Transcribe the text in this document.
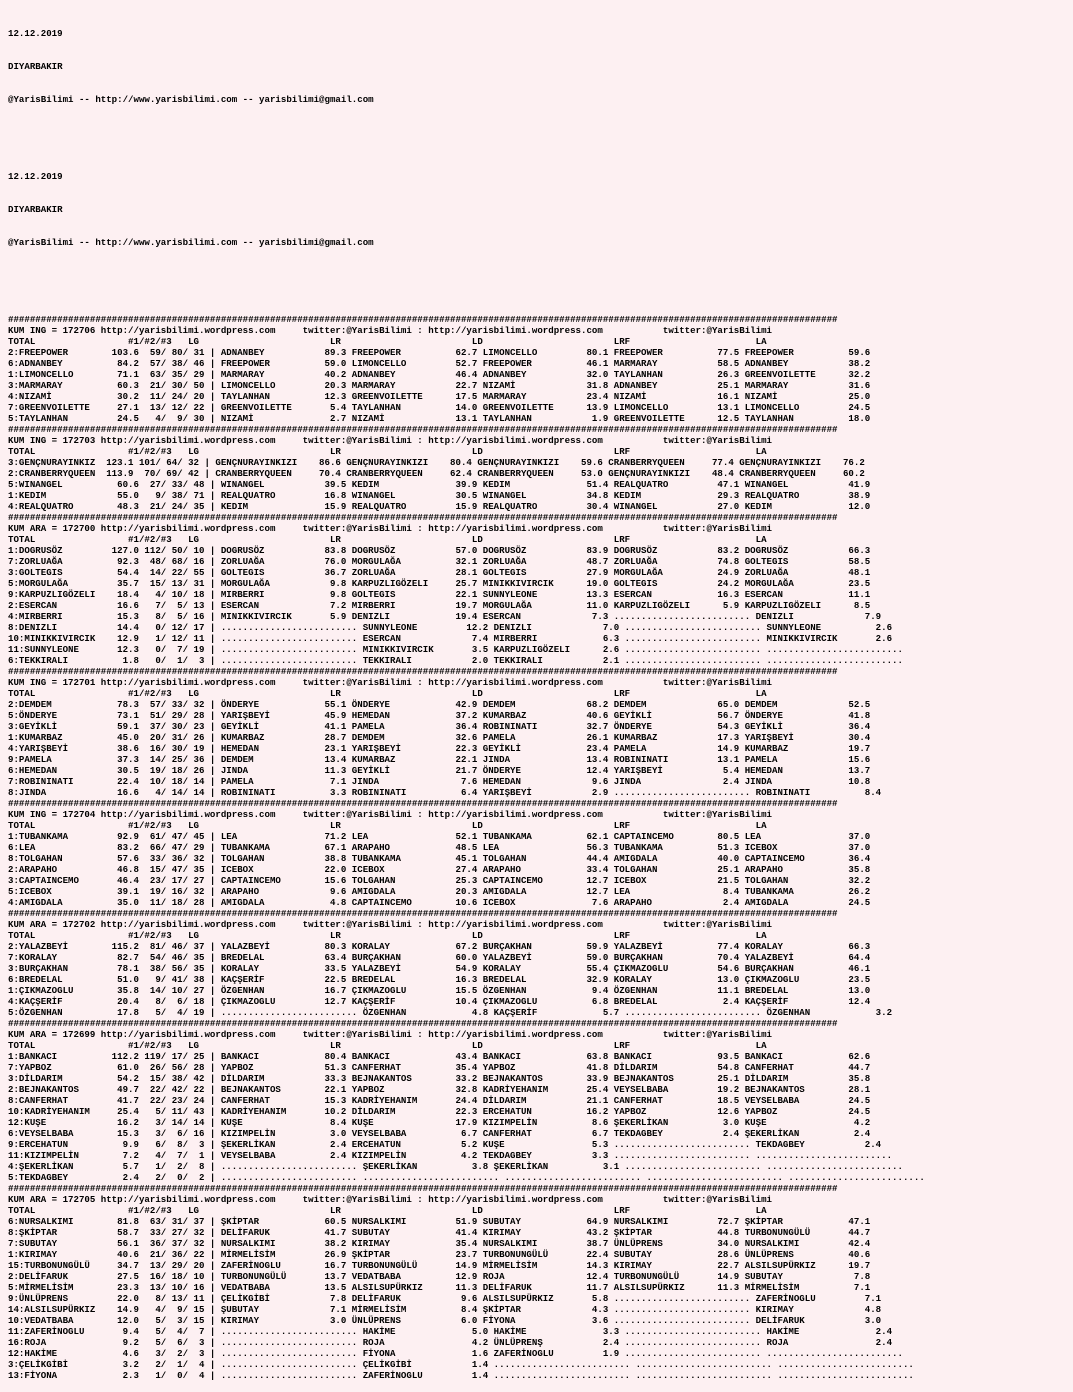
12.12.2019

DIYARBAKIR

@YarisBilimi -- http://www.yarisbilimi.com -- yarisbilimi@gmail.com

12.12.2019

DIYARBAKIR

@YarisBilimi -- http://www.yarisbilimi.com -- yarisbilimi@gmail.com

########################################################################################################################################################
KUM ING = 172706 http://yarisbilimi.wordpress.com     twitter:@YarisBilimi : http://yarisbilimi.wordpress.com           twitter:@YarisBilimi
TOTAL                 #1/#2/#3   LG                        LR                        LD                        LRF                       LA
2:FREEPOWER        103.6  59/ 80/ 31 | ADNANBEY           89.3 FREEPOWER          62.7 LIMONCELLO         80.1 FREEPOWER          77.5 FREEPOWER          59.6
6:ADNANBEY          84.2  57/ 38/ 46 | FREEPOWER          59.0 LIMONCELLO         52.7 FREEPOWER          46.1 MARMARAY           58.5 ADNANBEY           38.2
1:LIMONCELLO        71.1  63/ 35/ 29 | MARMARAY           40.2 ADNANBEY           46.4 ADNANBEY           32.0 TAYLANHAN          26.3 GREENVOILETTE      32.2
3:MARMARAY          60.3  21/ 30/ 50 | LIMONCELLO         20.3 MARMARAY           22.7 NIZAMİ             31.8 ADNANBEY           25.1 MARMARAY           31.6
4:NIZAMİ            30.2  11/ 24/ 20 | TAYLANHAN          12.3 GREENVOILETTE      17.5 MARMARAY           23.4 NIZAMİ             16.1 NIZAMİ             25.0
7:GREENVOILETTE     27.1  13/ 12/ 22 | GREENVOILETTE       5.4 TAYLANHAN          14.0 GREENVOILETTE      13.9 LIMONCELLO         13.1 LIMONCELLO         24.5
5:TAYLANHAN         24.5   4/  9/ 30 | NIZAMİ              2.7 NIZAMİ             13.1 TAYLANHAN           1.9 GREENVOILETTE      12.5 TAYLANHAN          18.0
########################################################################################################################################################
KUM ING = 172703 http://yarisbilimi.wordpress.com     twitter:@YarisBilimi : http://yarisbilimi.wordpress.com           twitter:@YarisBilimi
TOTAL                 #1/#2/#3   LG                        LR                        LD                        LRF                       LA
3:GENÇNURAYINKIZ  123.1 101/ 64/ 32 | GENÇNURAYINKIZI    86.6 GENÇNURAYINKIZI    80.4 GENÇNURAYINKIZI    59.6 CRANBERRYQUEEN     77.4 GENÇNURAYINKIZI    76.2
2:CRANBERRYQUEEN  113.9  70/ 69/ 42 | CRANBERRYQUEEN     70.4 CRANBERRYQUEEN     62.4 CRANBERRYQUEEN     53.0 GENÇNURAYINKIZI    48.4 CRANBERRYQUEEN     60.2
5:WINANGEL          60.6  27/ 33/ 48 | WINANGEL           39.5 KEDIM              39.9 KEDIM              51.4 REALQUATRO         47.1 WINANGEL           41.9
1:KEDIM             55.0   9/ 38/ 71 | REALQUATRO         16.8 WINANGEL           30.5 WINANGEL           34.8 KEDIM              29.3 REALQUATRO         38.9
4:REALQUATRO        48.3  21/ 24/ 35 | KEDIM              15.9 REALQUATRO         15.9 REALQUATRO         30.4 WINANGEL           27.0 KEDIM              12.0
########################################################################################################################################################
KUM ARA = 172700 http://yarisbilimi.wordpress.com     twitter:@YarisBilimi : http://yarisbilimi.wordpress.com           twitter:@YarisBilimi
TOTAL                 #1/#2/#3   LG                        LR                        LD                        LRF                       LA
1:DOGRUSÖZ         127.0 112/ 50/ 10 | DOGRUSÖZ           83.8 DOGRUSÖZ           57.0 DOGRUSÖZ           83.9 DOGRUSÖZ           83.2 DOGRUSÖZ           66.3
7:ZORLUAĞA          92.3  48/ 68/ 16 | ZORLUAĞA           76.0 MORGULAĞA          32.1 ZORLUAĞA           48.7 ZORLUAĞA           74.8 GOLTEGIS           58.5
3:GOLTEGIS          54.4  14/ 22/ 55 | GOLTEGIS           36.7 ZORLUAĞA           28.1 GOLTEGIS           27.9 MORGULAĞA          24.9 ZORLUAĞA           48.1
5:MORGULAĞA         35.7  15/ 13/ 31 | MORGULAĞA           9.8 KARPUZLIGÖZELI     25.7 MINIKKIVIRCIK      19.0 GOLTEGIS           24.2 MORGULAĞA          23.5
9:KARPUZLIGÖZELI    18.4   4/ 10/ 18 | MIRBERRI            9.8 GOLTEGIS           22.1 SUNNYLEONE         13.3 ESERCAN            16.3 ESERCAN            11.1
2:ESERCAN           16.6   7/  5/ 13 | ESERCAN             7.2 MIRBERRI           19.7 MORGULAĞA          11.0 KARPUZLIGÖZELI      5.9 KARPUZLIGÖZELI      8.5
4:MIRBERRI          15.3   8/  5/ 16 | MINIKKIVIRCIK       5.9 DENIZLI            19.4 ESERCAN             7.3 ......................... DENIZLI             7.9
8:DENIZLI           14.4   0/ 12/ 17 | ......................... SUNNYLEONE         12.2 DENIZLI             7.0 ......................... SUNNYLEONE          2.6
10:MINIKKIVIRCIK    12.9   1/ 12/ 11 | ......................... ESERCAN             7.4 MIRBERRI            6.3 ......................... MINIKKIVIRCIK       2.6
11:SUNNYLEONE       12.3   0/  7/ 19 | ......................... MINIKKIVIRCIK       3.5 KARPUZLIGÖZELI      2.6 ......................... .........................
6:TEKKIRALI          1.8   0/  1/  3 | ......................... TEKKIRALI           2.0 TEKKIRALI           2.1 ......................... .........................
########################################################################################################################################################
KUM ING = 172701 http://yarisbilimi.wordpress.com     twitter:@YarisBilimi : http://yarisbilimi.wordpress.com           twitter:@YarisBilimi
TOTAL                 #1/#2/#3   LG                        LR                        LD                        LRF                       LA
2:DEMDEM            78.3  57/ 33/ 32 | ÖNDERYE            55.1 ÖNDERYE            42.9 DEMDEM             68.2 DEMDEM             65.0 DEMDEM             52.5
5:ÖNDERYE           73.1  51/ 29/ 28 | YARIŞBEYİ          45.9 HEMEDAN            37.2 KUMARBAZ           40.6 GEYİKLİ            56.7 ÖNDERYE            41.8
3:GEYİKLİ           59.1  37/ 30/ 23 | GEYİKLİ            41.1 PAMELA             36.4 ROBININATI         32.7 ÖNDERYE            54.3 GEYİKLİ            36.4
1:KUMARBAZ          45.0  20/ 31/ 26 | KUMARBAZ           28.7 DEMDEM             32.6 PAMELA             26.1 KUMARBAZ           17.3 YARIŞBEYİ          30.4
4:YARIŞBEYİ         38.6  16/ 30/ 19 | HEMEDAN            23.1 YARIŞBEYİ          22.3 GEYİKLİ            23.4 PAMELA             14.9 KUMARBAZ           19.7
9:PAMELA            37.3  14/ 25/ 36 | DEMDEM             13.4 KUMARBAZ           22.1 JINDA              13.4 ROBININATI         13.1 PAMELA             15.6
6:HEMEDAN           30.5  19/ 18/ 26 | JINDA              11.3 GEYİKLİ            21.7 ÖNDERYE            12.4 YARIŞBEYİ           5.4 HEMEDAN            13.7
7:ROBININATI        22.4  10/ 18/ 14 | PAMELA              7.1 JINDA               7.6 HEMEDAN             9.6 JINDA               2.4 JINDA              10.8
8:JINDA             16.6   4/ 14/ 14 | ROBININATI          3.3 ROBININATI          6.4 YARIŞBEYİ           2.9 ......................... ROBININATI          8.4
########################################################################################################################################################
KUM ING = 172704 http://yarisbilimi.wordpress.com     twitter:@YarisBilimi : http://yarisbilimi.wordpress.com           twitter:@YarisBilimi
TOTAL                 #1/#2/#3   LG                        LR                        LD                        LRF                       LA
1:TUBANKAMA         92.9  61/ 47/ 45 | LEA                71.2 LEA                52.1 TUBANKAMA          62.1 CAPTAINCEMO        80.5 LEA                37.0
6:LEA               83.2  66/ 47/ 29 | TUBANKAMA          67.1 ARAPAHO            48.5 LEA                56.3 TUBANKAMA          51.3 ICEBOX             37.0
8:TOLGAHAN          57.6  33/ 36/ 32 | TOLGAHAN           38.8 TUBANKAMA          45.1 TOLGAHAN           44.4 AMIGDALA           40.0 CAPTAINCEMO        36.4
2:ARAPAHO           46.8  15/ 47/ 35 | ICEBOX             22.0 ICEBOX             27.4 ARAPAHO            33.4 TOLGAHAN           25.1 ARAPAHO            35.8
3:CAPTAINCEMO       46.4  23/ 17/ 27 | CAPTAINCEMO        15.6 TOLGAHAN           25.3 CAPTAINCEMO        12.7 ICEBOX             21.5 TOLGAHAN           32.2
5:ICEBOX            39.1  19/ 16/ 32 | ARAPAHO             9.6 AMIGDALA           20.3 AMIGDALA           12.7 LEA                 8.4 TUBANKAMA          26.2
4:AMIGDALA          35.0  11/ 18/ 28 | AMIGDALA            4.8 CAPTAINCEMO        10.6 ICEBOX              7.6 ARAPAHO             2.4 AMIGDALA           24.5
########################################################################################################################################################
KUM ARA = 172702 http://yarisbilimi.wordpress.com     twitter:@YarisBilimi : http://yarisbilimi.wordpress.com           twitter:@YarisBilimi
TOTAL                 #1/#2/#3   LG                        LR                        LD                        LRF                       LA
2:YALAZBEYİ        115.2  81/ 46/ 37 | YALAZBEYİ          80.3 KORALAY            67.2 BURÇAKHAN          59.9 YALAZBEYİ          77.4 KORALAY            66.3
7:KORALAY           82.7  54/ 46/ 35 | BREDELAL           63.4 BURÇAKHAN          60.0 YALAZBEYİ          59.0 BURÇAKHAN          70.4 YALAZBEYİ          64.4
3:BURÇAKHAN         78.1  38/ 56/ 35 | KORALAY            33.5 YALAZBEYİ          54.9 KORALAY            55.4 ÇIKMAZOGLU         54.6 BURÇAKHAN          46.1
6:BREDELAL          51.0   9/ 41/ 38 | KAÇŞERİF           22.5 BREDELAL           16.3 BREDELAL           32.9 KORALAY            13.0 ÇIKMAZOGLU         23.5
1:ÇIKMAZOGLU        35.8  14/ 10/ 27 | ÖZGENHAN           16.7 ÇIKMAZOGLU         15.5 ÖZGENHAN            9.4 ÖZGENHAN           11.1 BREDELAL           13.0
4:KAÇŞERİF          20.4   8/  6/ 18 | ÇIKMAZOGLU         12.7 KAÇŞERİF           10.4 ÇIKMAZOGLU          6.8 BREDELAL            2.4 KAÇŞERİF           12.4
5:ÖZGENHAN          17.8   5/  4/ 19 | ......................... ÖZGENHAN            4.8 KAÇŞERİF            5.7 ......................... ÖZGENHAN            3.2
########################################################################################################################################################
KUM ARA = 172699 http://yarisbilimi.wordpress.com     twitter:@YarisBilimi : http://yarisbilimi.wordpress.com           twitter:@YarisBilimi
TOTAL                 #1/#2/#3   LG                        LR                        LD                        LRF                       LA
1:BANKACI          112.2 119/ 17/ 25 | BANKACI            80.4 BANKACI            43.4 BANKACI            63.8 BANKACI            93.5 BANKACI            62.6
7:YAPBOZ            61.0  26/ 56/ 28 | YAPBOZ             51.3 CANFERHAT          35.4 YAPBOZ             41.8 DİLDARIM           54.8 CANFERHAT          44.7
3:DİLDARIM          54.2  15/ 38/ 42 | DİLDARIM           33.3 BEJNAKANTOS        33.2 BEJNAKANTOS        33.9 BEJNAKANTOS        25.1 DİLDARIM           35.8
2:BEJNAKANTOS       49.7  22/ 42/ 22 | BEJNAKANTOS        22.1 YAPBOZ             32.8 KADRİYEHANIM       25.4 VEYSELBABA         19.2 BEJNAKANTOS        28.1
8:CANFERHAT         41.7  22/ 23/ 24 | CANFERHAT          15.3 KADRİYEHANIM       24.4 DİLDARIM           21.1 CANFERHAT          18.5 VEYSELBABA         24.5
10:KADRİYEHANIM     25.4   5/ 11/ 43 | KADRİYEHANIM       10.2 DİLDARIM           22.3 ERCEHATUN          16.2 YAPBOZ             12.6 YAPBOZ             24.5
12:KUŞE             16.2   3/ 14/ 14 | KUŞE                8.4 KUŞE               17.9 KIZIMPELİN          8.6 ŞEKERLİKAN          3.0 KUŞE                4.2
6:VEYSELBABA        15.3   3/  6/ 16 | KIZIMPELİN          3.0 VEYSELBABA          6.7 CANFERHAT           6.7 TEKDAGBEY           2.4 ŞEKERLİKAN          2.4
9:ERCEHATUN          9.9   6/  8/  3 | ŞEKERLİKAN          2.4 ERCEHATUN           5.2 KUŞE                5.3 ......................... TEKDAGBEY           2.4
11:KIZIMPELİN        7.2   4/  7/  1 | VEYSELBABA          2.4 KIZIMPELİN          4.2 TEKDAGBEY           3.3 ......................... .........................
4:ŞEKERLİKAN         5.7   1/  2/  8 | ......................... ŞEKERLİKAN          3.8 ŞEKERLİKAN          3.1 ......................... .........................
5:TEKDAGBEY          2.4   2/  0/  2 | ......................... ......................... ......................... ......................... .........................
########################################################################################################################################################
KUM ARA = 172705 http://yarisbilimi.wordpress.com     twitter:@YarisBilimi : http://yarisbilimi.wordpress.com           twitter:@YarisBilimi
TOTAL                 #1/#2/#3   LG                        LR                        LD                        LRF                       LA
6:NURSALKIMI        81.8  63/ 31/ 37 | ŞKİPTAR            60.5 NURSALKIMI         51.9 SUBUTAY            64.9 NURSALKIMI         72.7 ŞKİPTAR            47.1
8:ŞKİPTAR           58.7  33/ 27/ 32 | DELİFARUK          41.7 SUBUTAY            41.4 KIRIMAY            43.2 ŞKİPTAR            44.8 TURBONUNGÜLÜ       44.7
7:SUBUTAY           56.1  36/ 37/ 32 | NURSALKIMI         38.2 KIRIMAY            35.4 NURSALKIMI         38.7 ÜNLÜPRENS          34.0 NURSALKIMI         42.4
1:KIRIMAY           40.6  21/ 36/ 22 | MİRMELİSİM         26.9 ŞKİPTAR            23.7 TURBONUNGÜLÜ       22.4 SUBUTAY            28.6 ÜNLÜPRENS          40.6
15:TURBONUNGÜLÜ     34.7  13/ 29/ 20 | ZAFERİNOGLU        16.7 TURBONUNGÜLÜ       14.9 MİRMELİSİM         14.3 KIRIMAY            22.7 ALSILSUPÜRKIZ      19.7
2:DELİFARUK         27.5  16/ 18/ 10 | TURBONUNGÜLÜ       13.7 VEDATBABA          12.9 ROJA               12.4 TURBONUNGÜLÜ       14.9 SUBUTAY             7.8
5:MİRMELİSİM        23.3  13/ 10/ 16 | VEDATBABA          13.5 ALSILSUPÜRKIZ      11.3 DELİFARUK          11.7 ALSILSUPÜRKIZ      11.3 MİRMELİSİM          7.1
9:ÜNLÜPRENS         22.0   8/ 13/ 11 | ÇELİKGİBİ           7.8 DELİFARUK           9.6 ALSILSUPÜRKIZ       5.8 ......................... ZAFERİNOGLU         7.1
14:ALSILSUPÜRKIZ    14.9   4/  9/ 15 | ŞUBUTAY             7.1 MİRMELİSİM          8.4 ŞKİPTAR             4.3 ......................... KIRIMAY             4.8
10:VEDATBABA        12.0   5/  3/ 15 | KIRIMAY             3.0 ÜNLÜPRENS           6.0 FİYONA              3.6 ......................... DELİFARUK           3.0
11:ZAFERİNOGLU       9.4   5/  4/  7 | ......................... HAKİME              5.0 HAKİME              3.3 ......................... HAKİME              2.4
16:ROJA              9.2   5/  6/  3 | ......................... ROJA                4.2 ÜNLÜPRENŞ           2.4 ......................... ROJA                2.4
12:HAKİME            4.6   3/  2/  3 | ......................... FİYONA              1.6 ZAFERİNOGLU         1.9 ......................... .........................
3:ÇELİKGİBİ          3.2   2/  1/  4 | ......................... ÇELİKGİBİ           1.4 ......................... ......................... .........................
13:FİYONA            2.3   1/  0/  4 | ......................... ZAFERİNOGLU         1.4 ......................... ......................... .........................
